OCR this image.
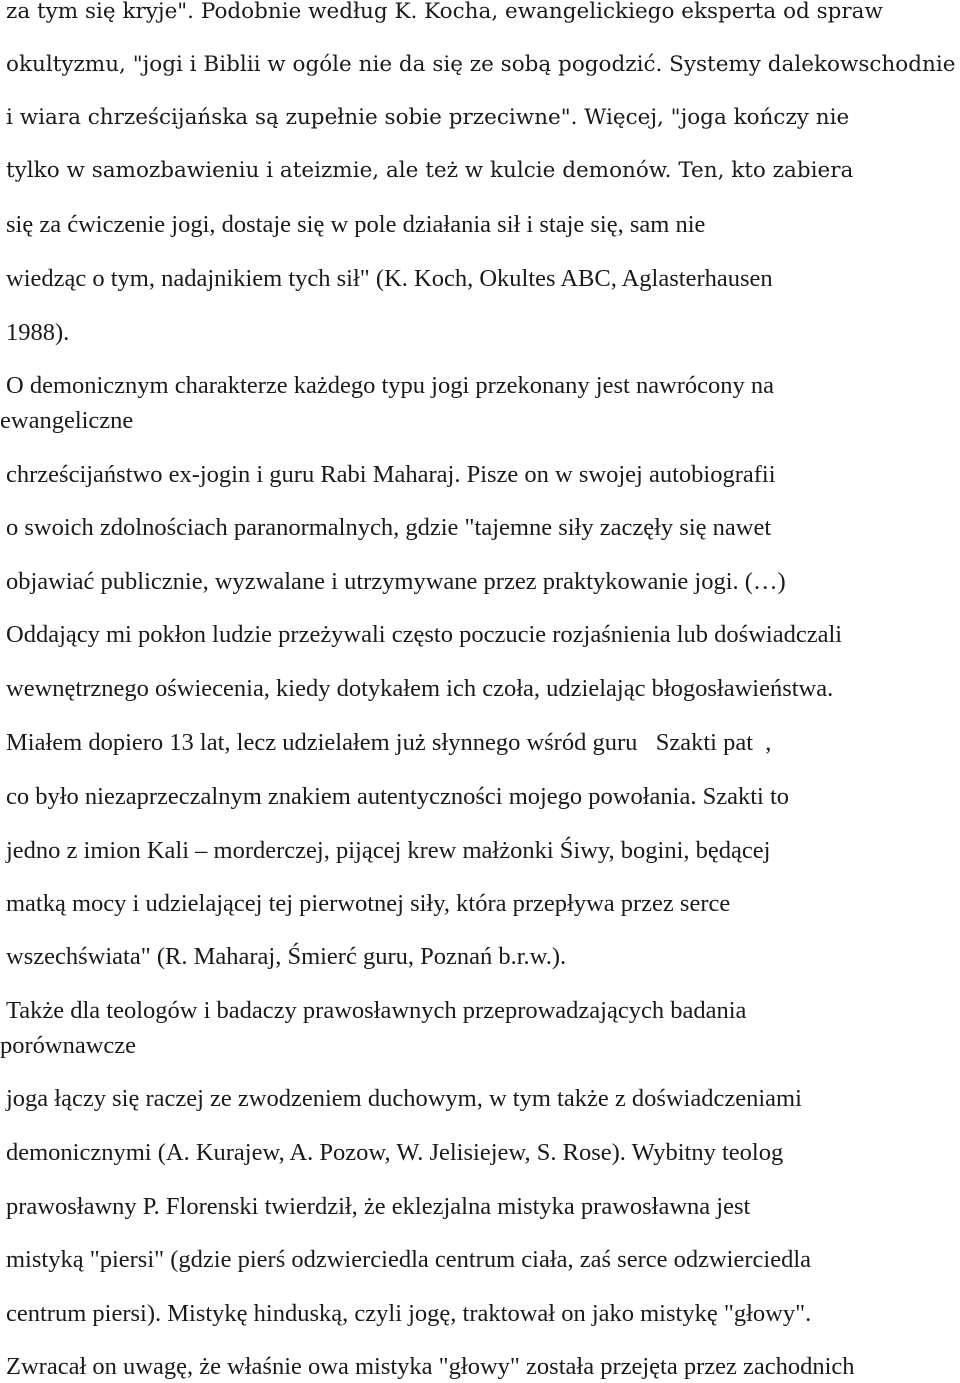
za tym się kryje". Podobnie według K. Kocha, ewangelickiego eksperta od spraw
okultyzmu, "jogi i Biblii w ogóle nie da się ze sobą pogodzić. Systemy dalekowschodnie
i wiara chrześcijańska są zupełnie sobie przeciwne". Więcej, "joga kończy nie
tylko w samozbawieniu i ateizmie, ale też w kulcie demonów. Ten, kto zabiera
się za ćwiczenie jogi, dostaje się w pole działania sił i staje się, sam nie
wiedząc o tym, nadajnikiem tych sił" (K. Koch, Okultes ABC, Aglasterhausen
1988).
O demonicznym charakterze każdego typu jogi przekonany jest nawrócony na
ewangeliczne
chrześcijaństwo ex-jogin i guru Rabi Maharaj. Pisze on w swojej autobiografii
o swoich zdolnościach paranormalnych, gdzie "tajemne siły zaczęły się nawet
objawiać publicznie, wyzwalane i utrzymywane przez praktykowanie jogi. (…)
Oddający mi pokłon ludzie przeżywali często poczucie rozjaśnienia lub doświadczali
wewnętrznego oświecenia, kiedy dotykałem ich czoła, udzielając błogosławieństwa.
Miałem dopiero 13 lat, lecz udzielałem już słynnego wśród guru   Szakti pat  ,
co było niezaprzeczalnym znakiem autentyczności mojego powołania. Szakti to
jedno z imion Kali – morderczej, pijącej krew małżonki Śiwy, bogini, będącej
matką mocy i udzielającej tej pierwotnej siły, która przepływa przez serce
wszechświata" (R. Maharaj, Śmierć guru, Poznań b.r.w.).
Także dla teologów i badaczy prawosławnych przeprowadzających badania
porównawcze
joga łączy się raczej ze zwodzeniem duchowym, w tym także z doświadczeniami
demonicznymi (A. Kurajew, A. Pozow, W. Jelisiejew, S. Rose). Wybitny teolog
prawosławny P. Florenski twierdził, że eklezjalna mistyka prawosławna jest
mistyką "piersi" (gdzie pierś odzwierciedla centrum ciała, zaś serce odzwierciedla
centrum piersi). Mistykę hinduską, czyli jogę, traktował on jako mistykę "głowy".
Zwracał on uwagę, że właśnie owa mistyka "głowy" została przejęta przez zachodnich
